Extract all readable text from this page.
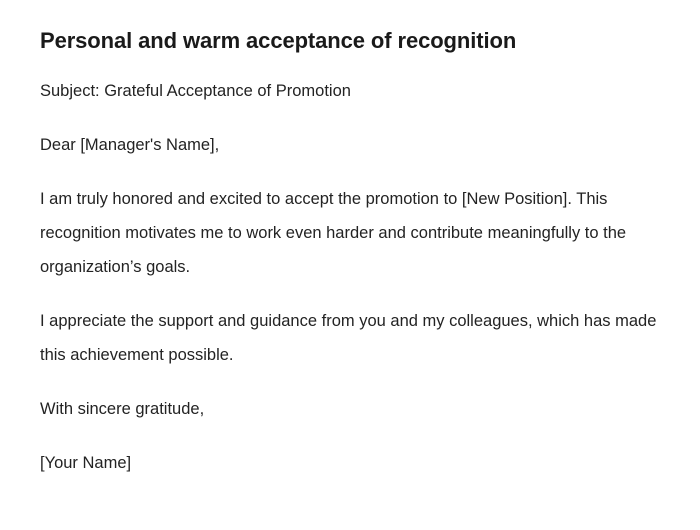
Personal and warm acceptance of recognition

Subject: Grateful Acceptance of Promotion

Dear [Manager's Name],

I am truly honored and excited to accept the promotion to [New Position]. This recognition motivates me to work even harder and contribute meaningfully to the organization’s goals.

I appreciate the support and guidance from you and my colleagues, which has made this achievement possible.

With sincere gratitude,

[Your Name]
